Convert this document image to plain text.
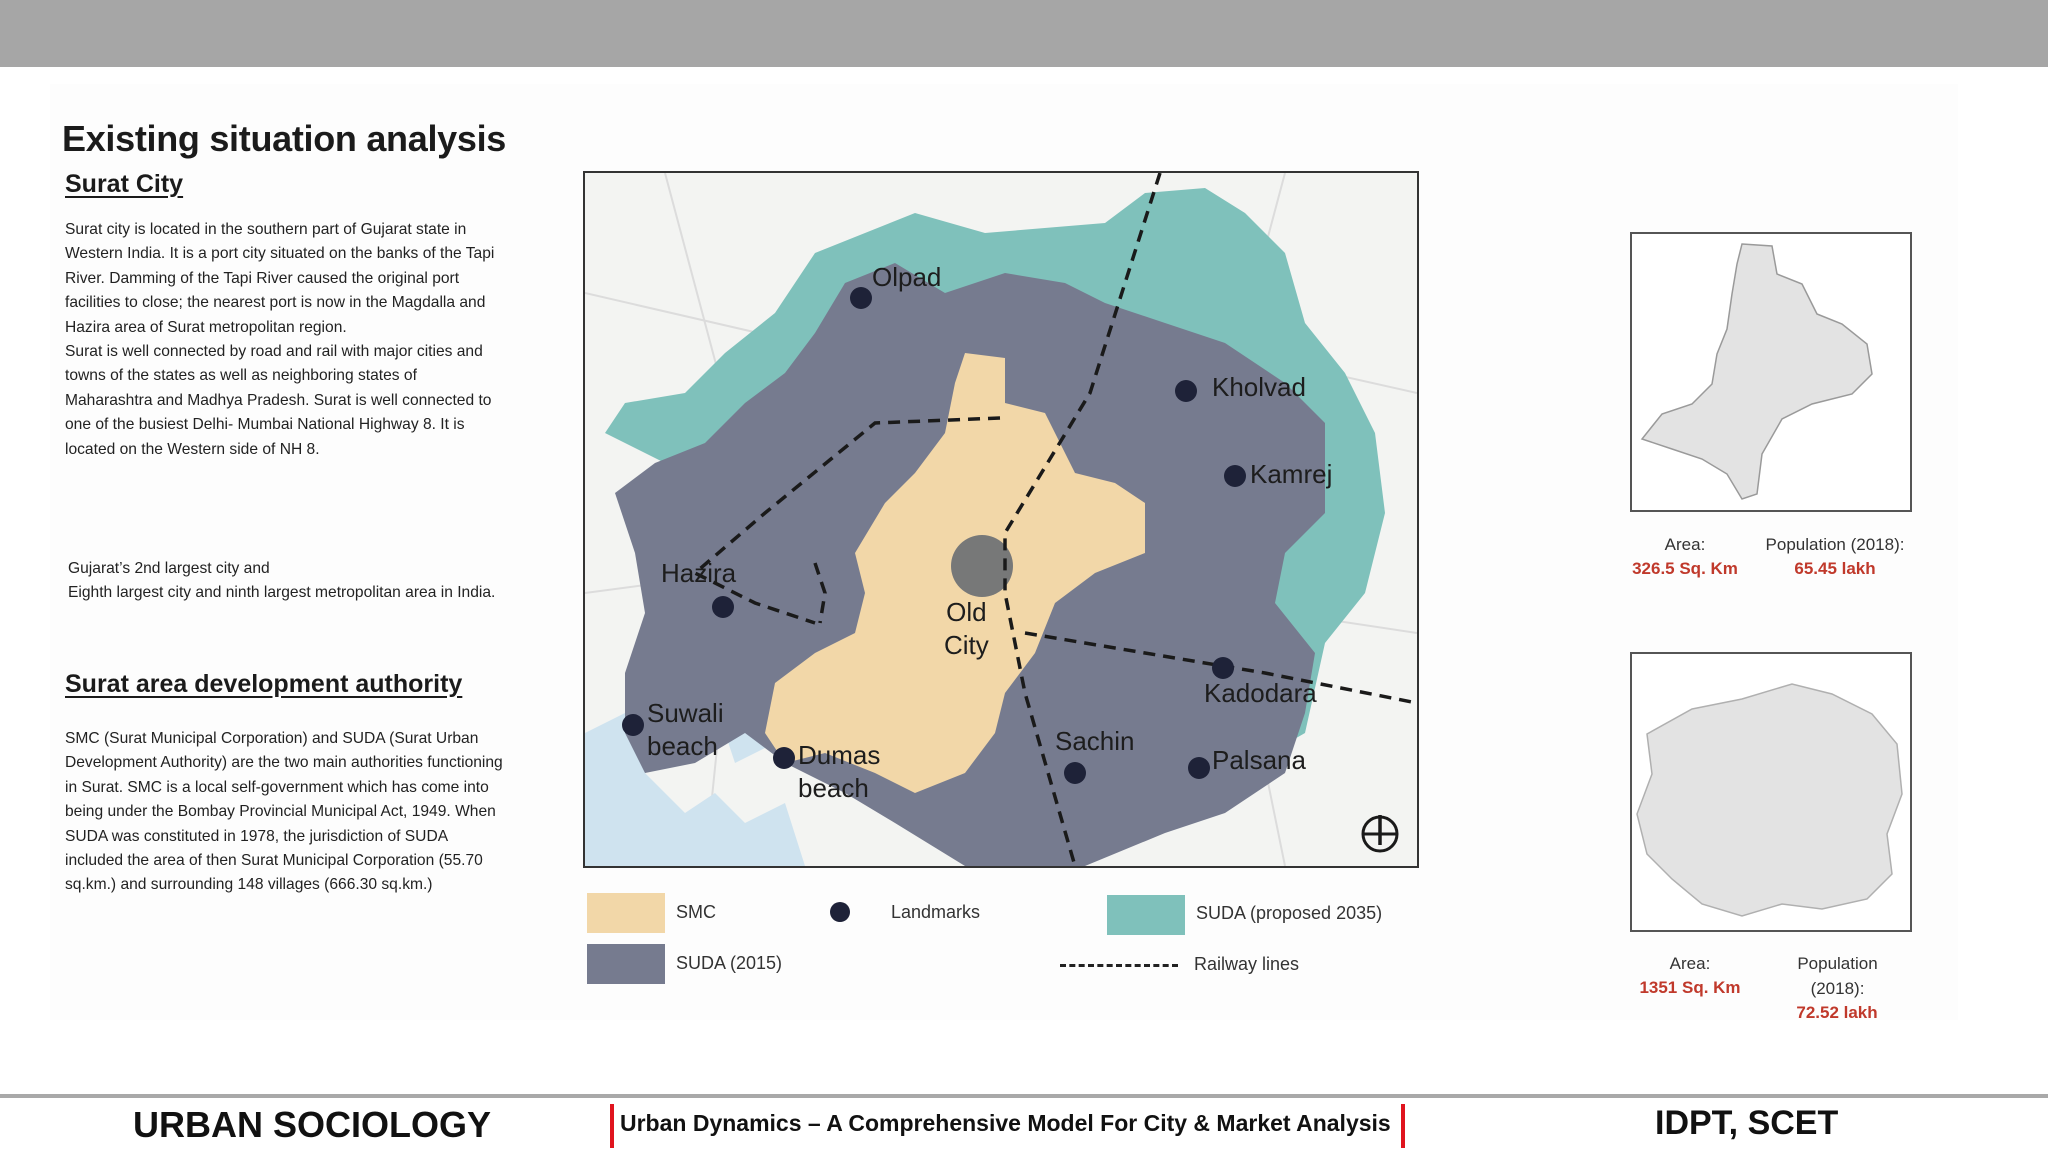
Existing situation analysis
Surat City
Surat city is located in the southern part of Gujarat state in Western India. It is a port city situated on the banks of the Tapi River. Damming of the Tapi River caused the original port facilities to close; the nearest port is now in the Magdalla and Hazira area of Surat metropolitan region.
Surat is well connected by road and rail with major cities and towns of the states as well as neighboring states of Maharashtra and Madhya Pradesh. Surat is well connected to one of the busiest Delhi- Mumbai National Highway 8. It is located on the Western side of NH 8.
Gujarat’s 2nd largest city and
Eighth largest city and ninth largest metropolitan area in India.
Surat area development authority
SMC (Surat Municipal Corporation) and SUDA (Surat Urban Development Authority) are the two main authorities functioning in Surat. SMC is a local self-government which has come into being under the Bombay Provincial Municipal Act, 1949. When SUDA was constituted in 1978, the jurisdiction of SUDA included the area of then Surat Municipal Corporation (55.70 sq.km.) and surrounding 148 villages (666.30 sq.km.)
Olpad
Kholvad
Kamrej
Hazira
Old
City
Kadodara
Suwali
beach	Dumas
beach
Sachin
Palsana
SMC	Landmarks	SUDA (proposed 2035)
SUDA (2015)	Railway lines
Area:
326.5 Sq. Km
Population (2018):
65.45 lakh
Area:
1351 Sq. Km
Population
(2018):
72.52 lakh
URBAN SOCIOLOGY	Urban Dynamics – A Comprehensive Model For City & Market Analysis	IDPT, SCET
